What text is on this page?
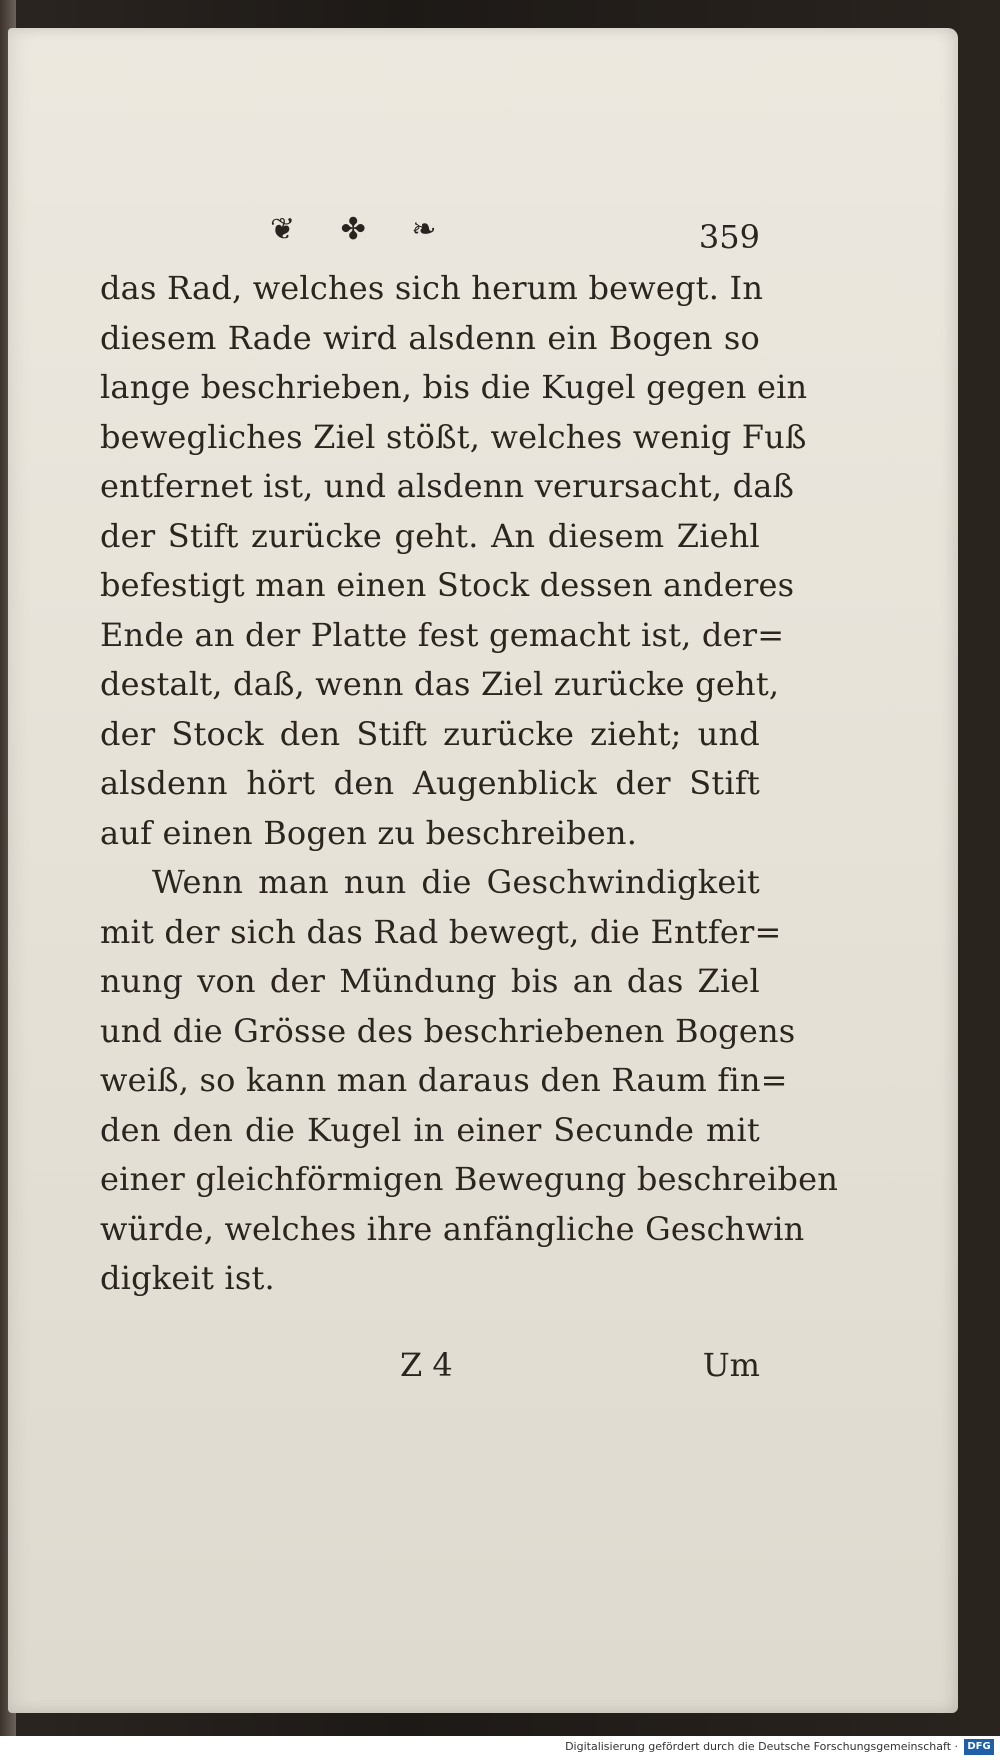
❦ ✤ ❧	359
das Rad, welches sich herum bewegt. In
diesem Rade wird alsdenn ein Bogen so
lange beschrieben, bis die Kugel gegen ein
bewegliches Ziel stößt, welches wenig Fuß
entfernet ist, und alsdenn verursacht, daß
der Stift zurücke geht. An diesem Ziehl
befestigt man einen Stock dessen anderes
Ende an der Platte fest gemacht ist, der=
destalt, daß, wenn das Ziel zurücke geht,
der Stock den Stift zurücke zieht; und
alsdenn hört den Augenblick der Stift
auf einen Bogen zu beschreiben.
Wenn man nun die Geschwindigkeit
mit der sich das Rad bewegt, die Entfer=
nung von der Mündung bis an das Ziel
und die Grösse des beschriebenen Bogens
weiß, so kann man daraus den Raum fin=
den den die Kugel in einer Secunde mit
einer gleichförmigen Bewegung beschreiben
würde, welches ihre anfängliche Geschwin
digkeit ist.
Z 4	Um
Digitalisierung gefördert durch die Deutsche Forschungsgemeinschaft · DFG
